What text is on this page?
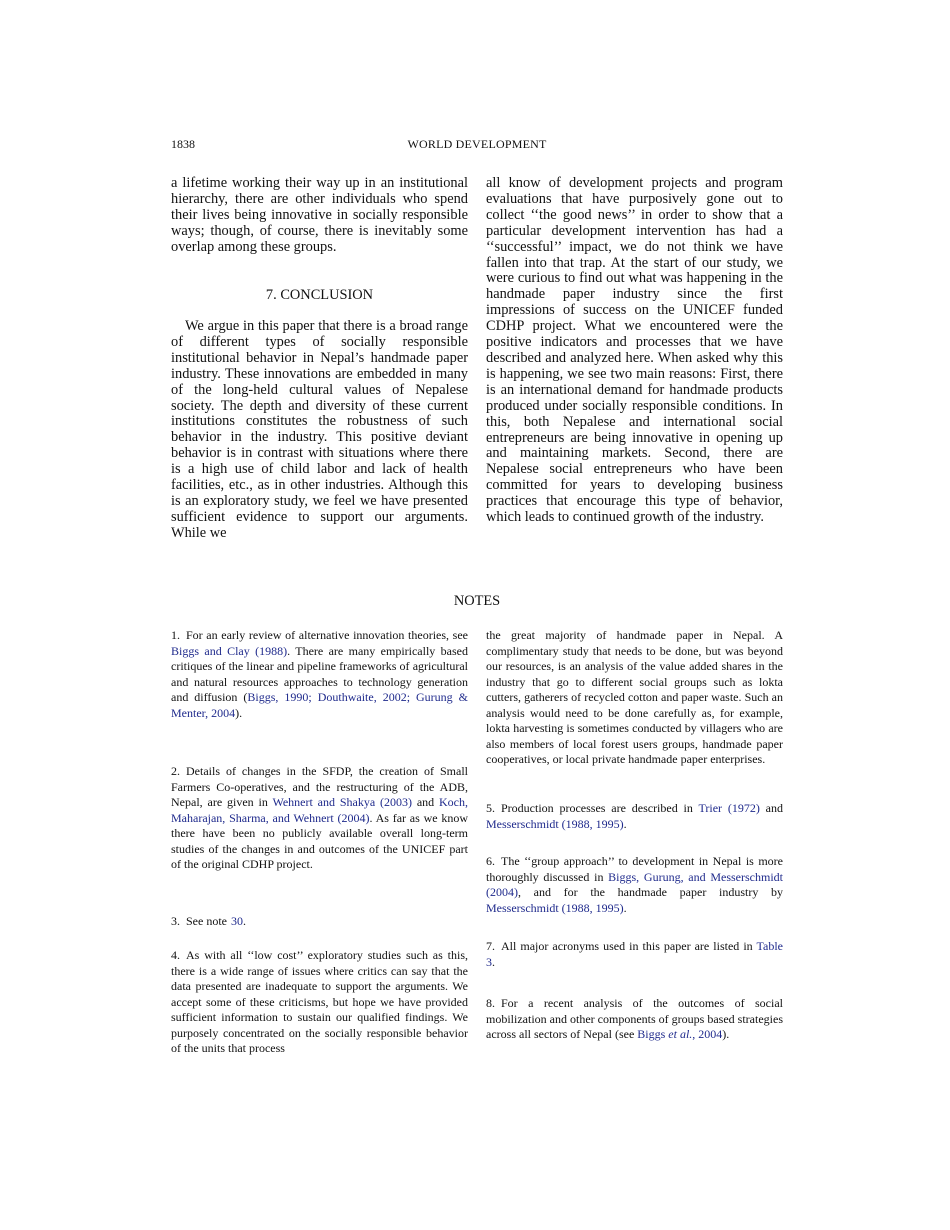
1838	WORLD DEVELOPMENT

a lifetime working their way up in an institutional hierarchy, there are other individuals who spend their lives being innovative in socially responsible ways; though, of course, there is inevitably some overlap among these groups.

7. CONCLUSION

We argue in this paper that there is a broad range of different types of socially responsible institutional behavior in Nepal’s handmade paper industry. These innovations are embedded in many of the long-held cultural values of Nepalese society. The depth and diversity of these current institutions constitutes the robustness of such behavior in the industry. This positive deviant behavior is in contrast with situations where there is a high use of child labor and lack of health facilities, etc., as in other industries. Although this is an exploratory study, we feel we have presented sufficient evidence to support our arguments. While we

all know of development projects and program evaluations that have purposively gone out to collect ‘‘the good news’’ in order to show that a particular development intervention has had a ‘‘successful’’ impact, we do not think we have fallen into that trap. At the start of our study, we were curious to find out what was happening in the handmade paper industry since the first impressions of success on the UNICEF funded CDHP project. What we encountered were the positive indicators and processes that we have described and analyzed here. When asked why this is happening, we see two main reasons: First, there is an international demand for handmade products produced under socially responsible conditions. In this, both Nepalese and international social entrepreneurs are being innovative in opening up and maintaining markets. Second, there are Nepalese social entrepreneurs who have been committed for years to developing business practices that encourage this type of behavior, which leads to continued growth of the industry.

NOTES

1. For an early review of alternative innovation theories, see Biggs and Clay (1988). There are many empirically based critiques of the linear and pipeline frameworks of agricultural and natural resources approaches to technology generation and diffusion (Biggs, 1990; Douthwaite, 2002; Gurung & Menter, 2004).

2. Details of changes in the SFDP, the creation of Small Farmers Co-operatives, and the restructuring of the ADB, Nepal, are given in Wehnert and Shakya (2003) and Koch, Maharajan, Sharma, and Wehnert (2004). As far as we know there have been no publicly available overall long-term studies of the changes in and outcomes of the UNICEF part of the original CDHP project.

3. See note 30.

4. As with all ‘‘low cost’’ exploratory studies such as this, there is a wide range of issues where critics can say that the data presented are inadequate to support the arguments. We accept some of these criticisms, but hope we have provided sufficient information to sustain our qualified findings. We purposely concentrated on the socially responsible behavior of the units that process

the great majority of handmade paper in Nepal. A complimentary study that needs to be done, but was beyond our resources, is an analysis of the value added shares in the industry that go to different social groups such as lokta cutters, gatherers of recycled cotton and paper waste. Such an analysis would need to be done carefully as, for example, lokta harvesting is sometimes conducted by villagers who are also members of local forest users groups, handmade paper cooperatives, or local private handmade paper enterprises.

5. Production processes are described in Trier (1972) and Messerschmidt (1988, 1995).

6. The ‘‘group approach’’ to development in Nepal is more thoroughly discussed in Biggs, Gurung, and Messerschmidt (2004), and for the handmade paper industry by Messerschmidt (1988, 1995).

7. All major acronyms used in this paper are listed in Table 3.

8. For a recent analysis of the outcomes of social mobilization and other components of groups based strategies across all sectors of Nepal (see Biggs et al., 2004).
